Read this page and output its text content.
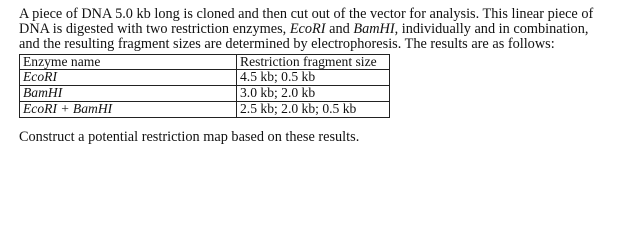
A piece of DNA 5.0 kb long is cloned and then cut out of the vector for analysis. This linear piece of DNA is digested with two restriction enzymes, EcoRI and BamHI, individually and in combination, and the resulting fragment sizes are determined by electrophoresis. The results are as follows:

Enzyme name	Restriction fragment size
EcoRI	4.5 kb; 0.5 kb
BamHI	3.0 kb; 2.0 kb
EcoRI + BamHI	2.5 kb; 2.0 kb; 0.5 kb

Construct a potential restriction map based on these results.
